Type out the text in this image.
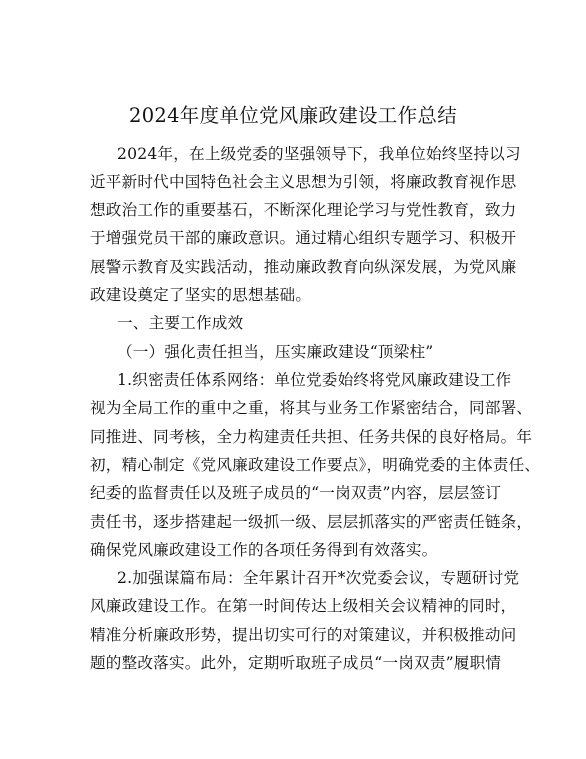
2024年度单位党风廉政建设工作总结
2024年，在上级党委的坚强领导下，我单位始终坚持以习
近平新时代中国特色社会主义思想为引领，将廉政教育视作思
想政治工作的重要基石，不断深化理论学习与党性教育，致力
于增强党员干部的廉政意识。通过精心组织专题学习、积极开
展警示教育及实践活动，推动廉政教育向纵深发展，为党风廉
政建设奠定了坚实的思想基础。
一、主要工作成效
（一）强化责任担当，压实廉政建设“顶梁柱”
1.织密责任体系网络：单位党委始终将党风廉政建设工作
视为全局工作的重中之重，将其与业务工作紧密结合，同部署、
同推进、同考核，全力构建责任共担、任务共保的良好格局。年
初，精心制定《党风廉政建设工作要点》，明确党委的主体责任、
纪委的监督责任以及班子成员的“一岗双责”内容，层层签订
责任书，逐步搭建起一级抓一级、层层抓落实的严密责任链条，
确保党风廉政建设工作的各项任务得到有效落实。
2.加强谋篇布局：全年累计召开*次党委会议，专题研讨党
风廉政建设工作。在第一时间传达上级相关会议精神的同时，
精准分析廉政形势，提出切实可行的对策建议，并积极推动问
题的整改落实。此外，定期听取班子成员“一岗双责”履职情
